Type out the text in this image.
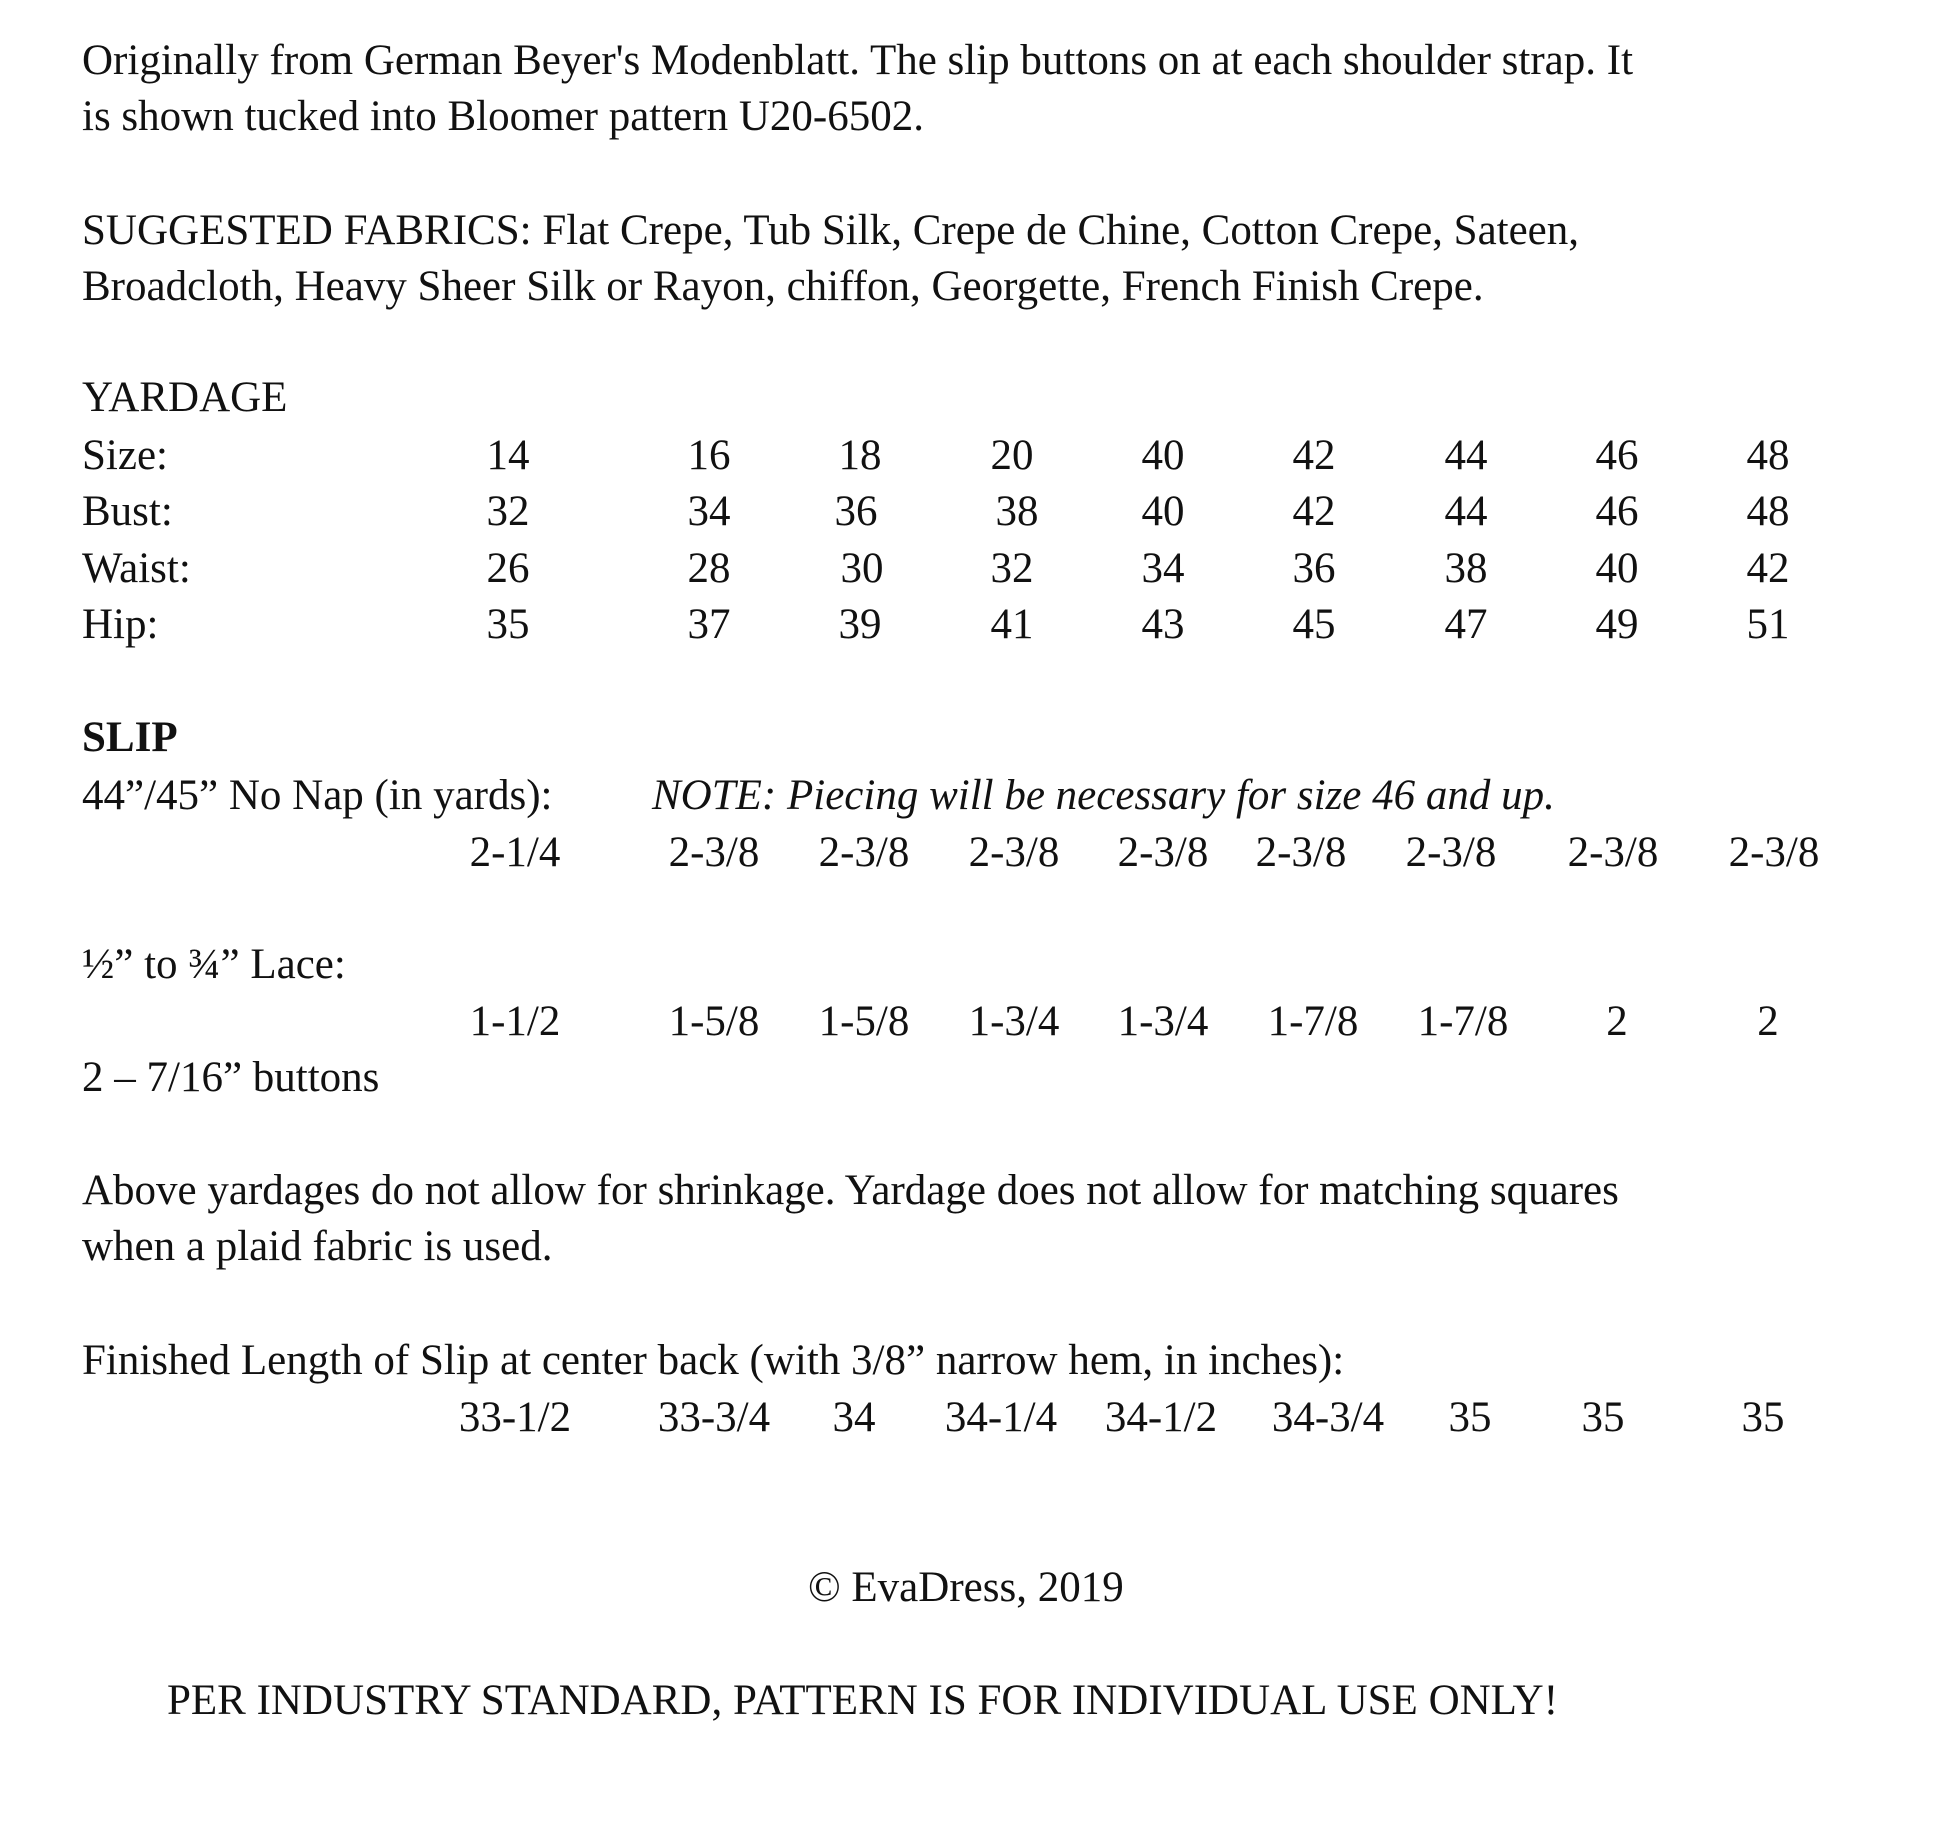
Originally from German Beyer's Modenblatt. The slip buttons on at each shoulder strap. It
is shown tucked into Bloomer pattern U20-6502.
SUGGESTED FABRICS: Flat Crepe, Tub Silk, Crepe de Chine, Cotton Crepe, Sateen,
Broadcloth, Heavy Sheer Silk or Rayon, chiffon, Georgette, French Finish Crepe.
YARDAGE
Size:	14	16	18	20	40	42	44	46	48
Bust:	32	34 36	38 40	42	44	46	48
Waist:	26	28	30 32	34	36	38	40	42
Hip:	35	37	39	41	43	45	47	49	51
SLIP
44”/45” No Nap (in yards): NOTE: Piecing will be necessary for size 46 and up.
2-1/4	2-3/8 2-3/8 2-3/8 2-3/8 2-3/8 2-3/8 2-3/8 2-3/8
½” to ¾” Lace:
1-1/2	1-5/8 1-5/8 1-3/4 1-3/4 1-7/8 1-7/8 2	2
2 – 7/16” buttons
Above yardages do not allow for shrinkage. Yardage does not allow for matching squares
when a plaid fabric is used.
Finished Length of Slip at center back (with 3/8” narrow hem, in inches):
33-1/2 33-3/4 34 34-1/4 34-1/2 34-3/4 35 35	35
© EvaDress, 2019
PER INDUSTRY STANDARD, PATTERN IS FOR INDIVIDUAL USE ONLY!
